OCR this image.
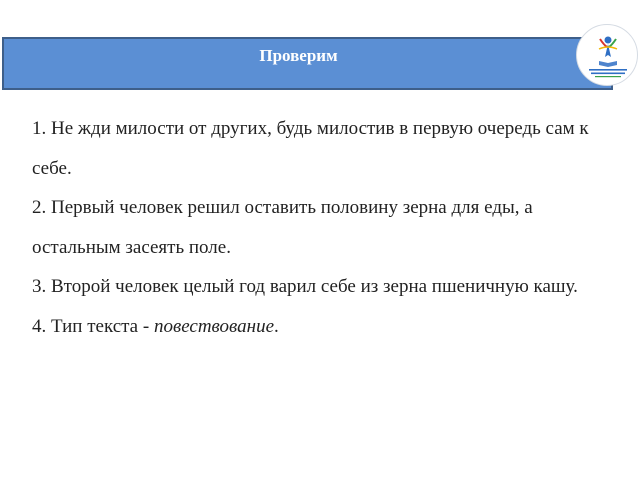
Проверим

1. Не жди милости от других, будь милостив в первую очередь сам к себе.

2. Первый человек решил оставить половину зерна для еды, а остальным засеять поле.

3. Второй человек целый год варил себе из зерна пшеничную кашу.

4. Тип текста - повествование.
